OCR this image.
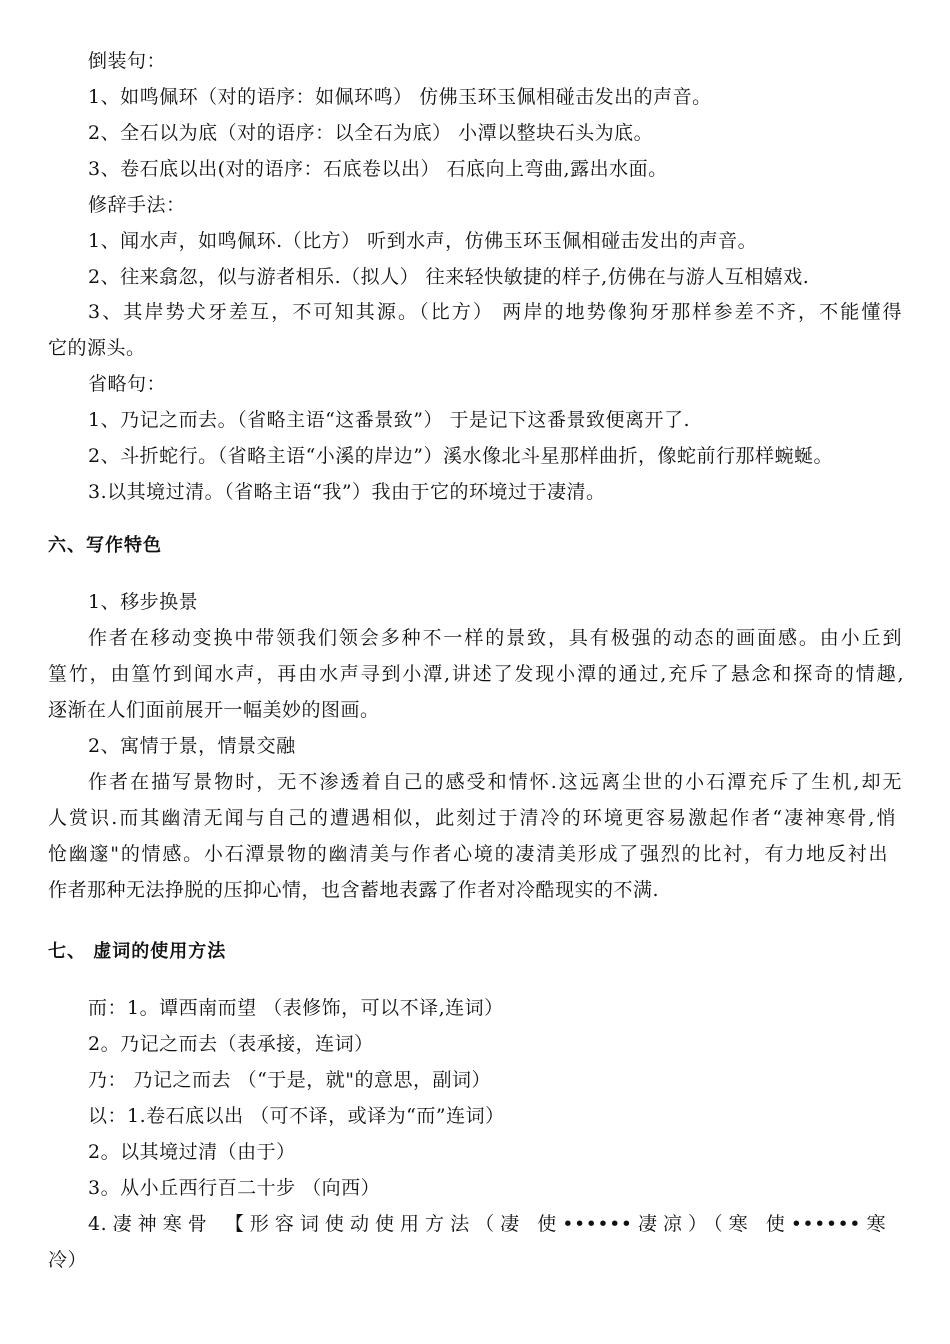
倒装句：
1、如鸣佩环（对的语序：如佩环鸣） 仿佛玉环玉佩相碰击发出的声音。
2、全石以为底（对的语序：以全石为底） 小潭以整块石头为底。
3、卷石底以出(对的语序：石底卷以出） 石底向上弯曲,露出水面。
修辞手法：
1、闻水声，如鸣佩环.（比方） 听到水声，仿佛玉环玉佩相碰击发出的声音。
2、往来翕忽，似与游者相乐.（拟人） 往来轻快敏捷的样子,仿佛在与游人互相嬉戏.
3、其岸势犬牙差互，不可知其源。（比方） 两岸的地势像狗牙那样参差不齐，不能懂得
它的源头。
省略句：
1、乃记之而去。（省略主语“这番景致”） 于是记下这番景致便离开了.
2、斗折蛇行。（省略主语“小溪的岸边”）溪水像北斗星那样曲折，像蛇前行那样蜿蜒。
3.以其境过清。（省略主语“我”）我由于它的环境过于凄清。
六、写作特色
1、移步换景
作者在移动变换中带领我们领会多种不一样的景致，具有极强的动态的画面感。由小丘到
篁竹，由篁竹到闻水声，再由水声寻到小潭,讲述了发现小潭的通过,充斥了悬念和探奇的情趣,
逐渐在人们面前展开一幅美妙的图画。
2、寓情于景，情景交融
作者在描写景物时，无不渗透着自己的感受和情怀.这远离尘世的小石潭充斥了生机,却无
人赏识.而其幽清无闻与自己的遭遇相似，此刻过于清冷的环境更容易激起作者“凄神寒骨,悄
怆幽邃"的情感。小石潭景物的幽清美与作者心境的凄清美形成了强烈的比衬，有力地反衬出
作者那种无法挣脱的压抑心情，也含蓄地表露了作者对冷酷现实的不满.
七、 虚词的使用方法
而：1。谭西南而望 （表修饰，可以不译,连词）
2。乃记之而去（表承接，连词）
乃： 乃记之而去 （“于是，就"的意思，副词）
以：1.卷石底以出 （可不译，或译为“而”连词）
2。以其境过清（由于）
3。从小丘西行百二十步 （向西）
4.凄神寒骨 【形容词使动使用方法（凄 使••••••凄凉）（寒 使••••••寒
冷）
